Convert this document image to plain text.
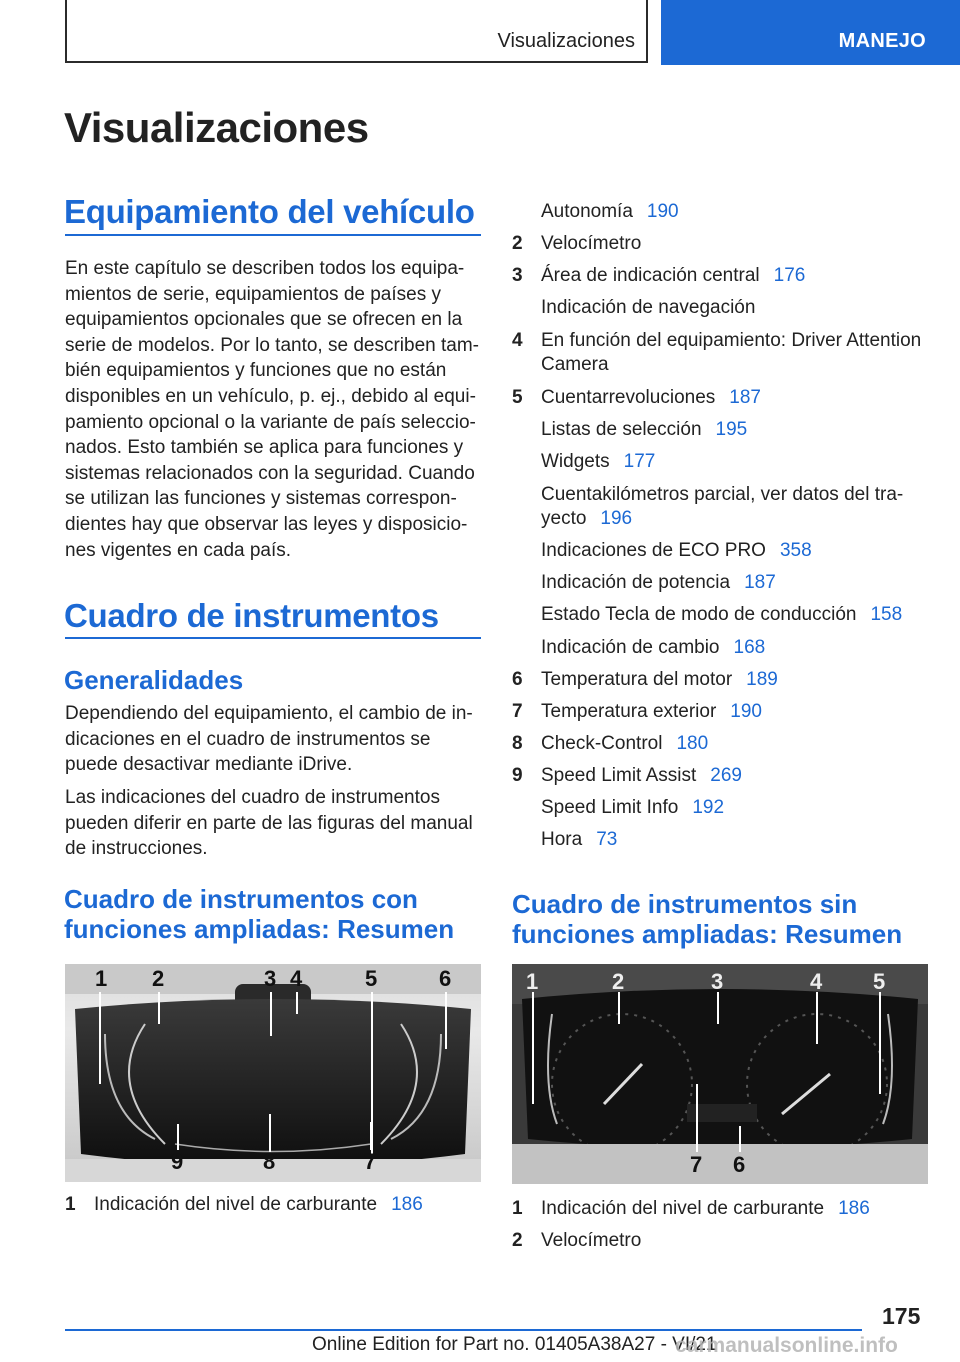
Visualizaciones	MANEJO
Visualizaciones
Equipamiento del vehículo
En este capítulo se describen todos los equipa-
mientos de serie, equipamientos de países y
equipamientos opcionales que se ofrecen en la
serie de modelos. Por lo tanto, se describen tam-
bién equipamientos y funciones que no están
disponibles en un vehículo, p. ej., debido al equi-
pamiento opcional o la variante de país seleccio-
nados. Esto también se aplica para funciones y
sistemas relacionados con la seguridad. Cuando
se utilizan las funciones y sistemas correspon-
dientes hay que observar las leyes y disposicio-
nes vigentes en cada país.
Cuadro de instrumentos
Generalidades
Dependiendo del equipamiento, el cambio de in-
dicaciones en el cuadro de instrumentos se
puede desactivar mediante iDrive.
Las indicaciones del cuadro de instrumentos
pueden diferir en parte de las figuras del manual
de instrucciones.
Cuadro de instrumentos con
funciones ampliadas: Resumen
1 2	3 4	5	6
9	8	7
1 Indicación del nivel de carburante 186
Autonomía 190
2 Velocímetro
3 Área de indicación central 176
Indicación de navegación
4 En función del equipamiento: Driver Attention
Camera
5 Cuentarrevoluciones 187
Listas de selección 195
Widgets 177
Cuentakilómetros parcial, ver datos del tra-
yecto 196
Indicaciones de ECO PRO 358
Indicación de potencia 187
Estado Tecla de modo de conducción 158
Indicación de cambio 168
6 Temperatura del motor 189
7 Temperatura exterior 190
8 Check-Control 180
9 Speed Limit Assist 269
Speed Limit Info 192
Hora 73
Cuadro de instrumentos sin
funciones ampliadas: Resumen
1	2	3	4 5
7 6
1 Indicación del nivel de carburante 186
2 Velocímetro
175
Online Edition for Part no. 01405A38A27 - VI/21
carmanualsonline.info
